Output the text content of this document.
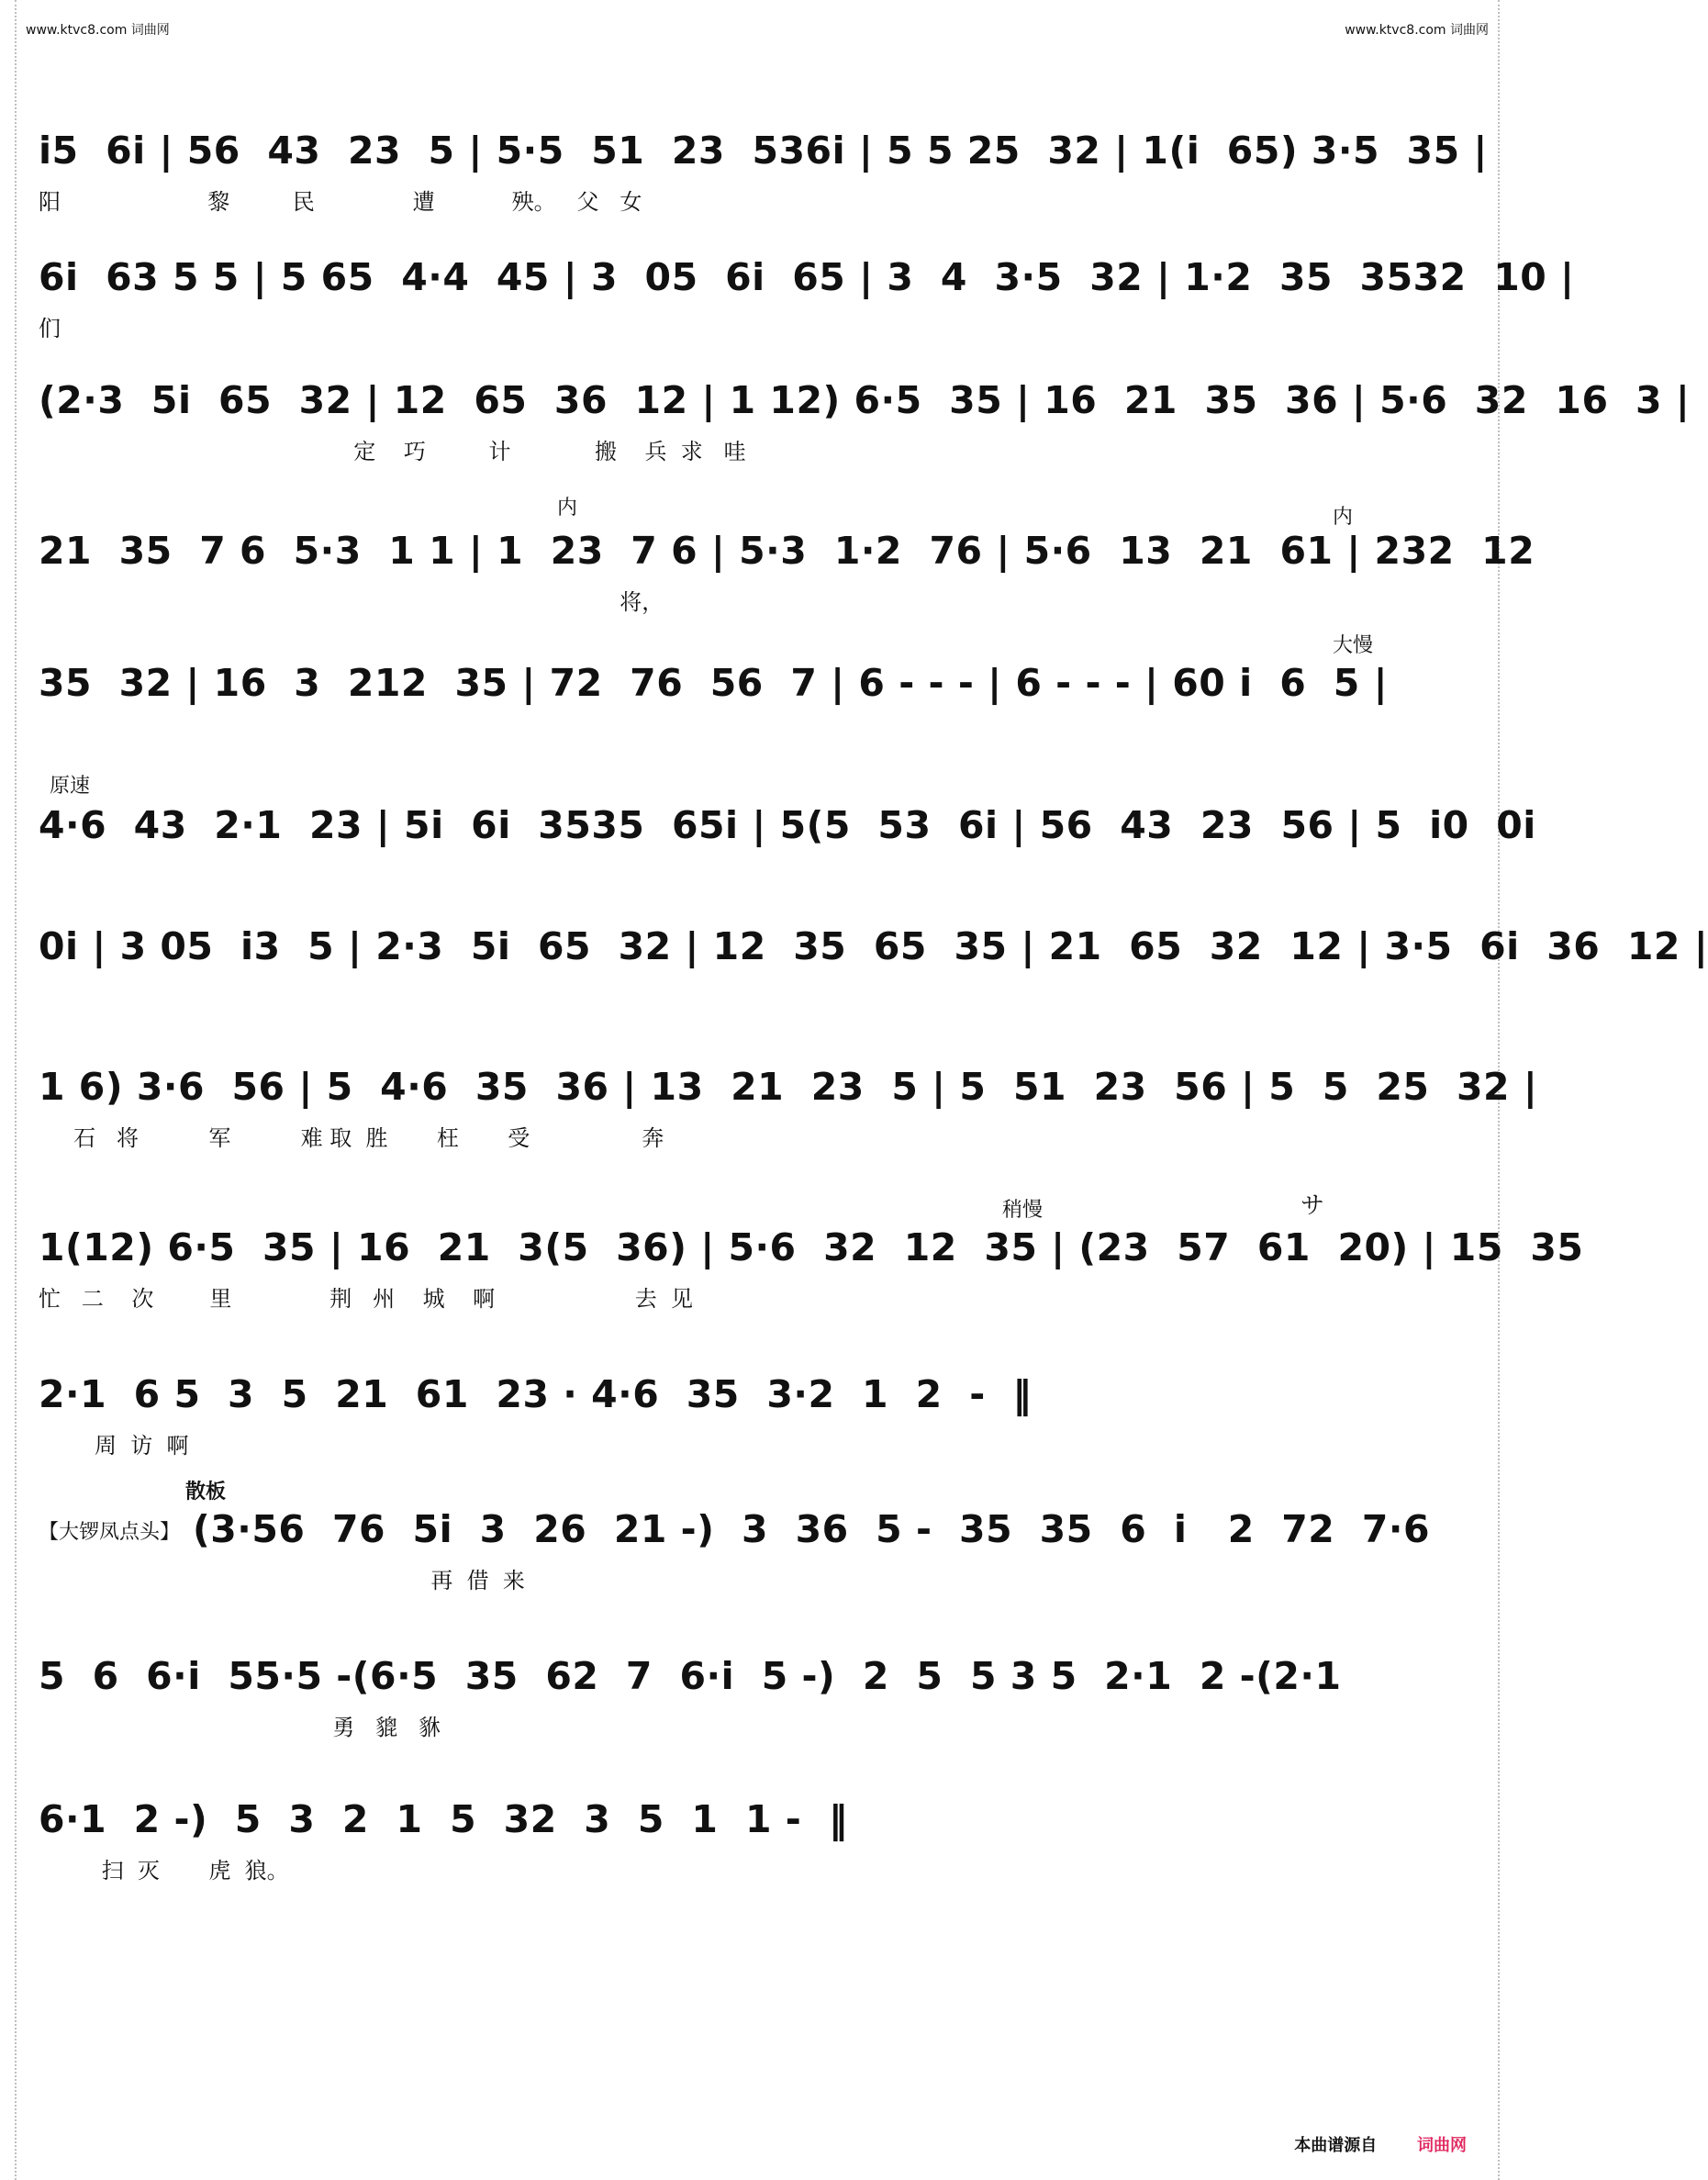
www.ktvc8.com 词曲网	www.ktvc8.com 词曲网
i5  6i | 56  43  23  5 | 5·5  51  23  536i | 5 5 25  32 | 1(i  65) 3·5  35 |
阳                     黎         民              遭           殃。   父   女
6i  63 5 5 | 5 65  4·4  45 | 3  05  6i  65 | 3  4  3·5  32 | 1·2  35  3532  10 |
们
(2·3  5i  65  32 | 12  65  36  12 | 1 12) 6·5  35 | 16  21  35  36 | 5·6  32  16  3 |
定    巧         计            搬    兵  求   哇
内	内
21  35  7 6  5·3  1 1 | 1  23  7 6 | 5·3  1·2  76 | 5·6  13  21  61 | 232  12
将，
大慢
35  32 | 16  3  212  35 | 72  76  56  7 | 6 - - - | 6 - - - | 60 i  6  5 |
原速
4·6  43  2·1  23 | 5i  6i  3535  65i | 5(5  53  6i | 56  43  23  56 | 5  i0  0i
0i | 3 05  i3  5 | 2·3  5i  65  32 | 12  35  65  35 | 21  65  32  12 | 3·5  6i  36  12 |
1 6) 3·6  56 | 5  4·6  35  36 | 13  21  23  5 | 5  51  23  56 | 5  5  25  32 |
石   将          军          难 取  胜       枉       受                奔
稍慢	サ
1(12) 6·5  35 | 16  21  3(5  36) | 5·6  32  12  35 | (23  57  61  20) | 15  35
忙   二    次        里              荆   州    城    啊                    去  见
2·1  6 5  3  5  21  61  23 · 4·6  35  3·2  1  2  -  ‖
周  访  啊
散板
【大锣凤点头】 (3·56  76  5i  3  26  21 -)  3  36  5 -  35  35  6  i   2  72  7·6
再  借  来
5  6  6·i  55·5 -(6·5  35  62  7  6·i  5 -)  2  5  5 3 5  2·1  2 -(2·1
勇   貔   貅
6·1  2 -)  5  3  2  1  5  32  3  5  1  1 -  ‖
扫  灭       虎  狼。
本曲谱源自 词曲网
